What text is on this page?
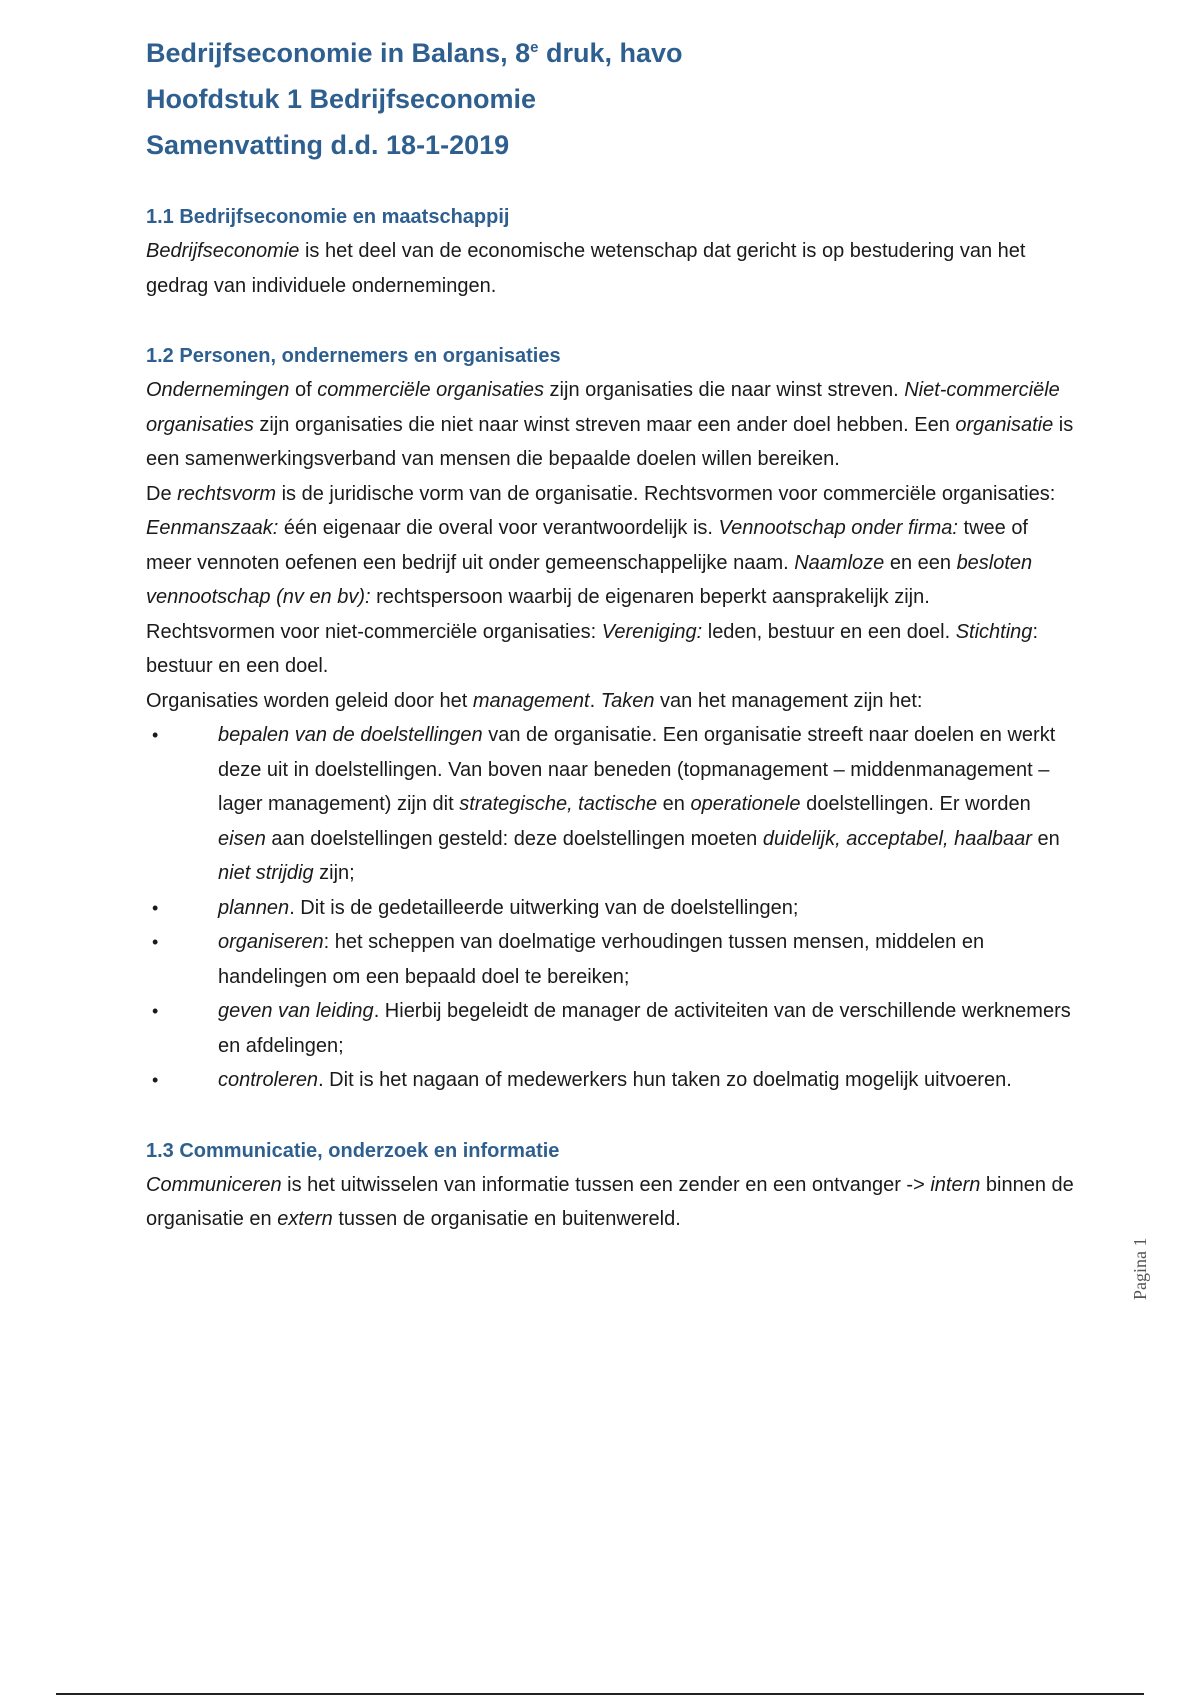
Bedrijfseconomie in Balans, 8e druk, havo
Hoofdstuk 1 Bedrijfseconomie
Samenvatting d.d. 18-1-2019
1.1 Bedrijfseconomie en maatschappij

Bedrijfseconomie is het deel van de economische wetenschap dat gericht is op bestudering van het gedrag van individuele ondernemingen.

1.2 Personen, ondernemers en organisaties

Ondernemingen of commerciële organisaties zijn organisaties die naar winst streven. Niet-commerciële organisaties zijn organisaties die niet naar winst streven maar een ander doel hebben. Een organisatie is een samenwerkingsverband van mensen die bepaalde doelen willen bereiken.

De rechtsvorm is de juridische vorm van de organisatie. Rechtsvormen voor commerciële organisaties: Eenmanszaak: één eigenaar die overal voor verantwoordelijk is. Vennootschap onder firma: twee of meer vennoten oefenen een bedrijf uit onder gemeenschappelijke naam. Naamloze en een besloten vennootschap (nv en bv): rechtspersoon waarbij de eigenaren beperkt aansprakelijk zijn.

Rechtsvormen voor niet-commerciële organisaties: Vereniging: leden, bestuur en een doel. Stichting: bestuur en een doel.

Organisaties worden geleid door het management. Taken van het management zijn het:

•	bepalen van de doelstellingen van de organisatie. Een organisatie streeft naar doelen en werkt deze uit in doelstellingen. Van boven naar beneden (topmanagement – middenmanagement – lager management) zijn dit strategische, tactische en operationele doelstellingen. Er worden eisen aan doelstellingen gesteld: deze doelstellingen moeten duidelijk, acceptabel, haalbaar en niet strijdig zijn;
•	plannen. Dit is de gedetailleerde uitwerking van de doelstellingen;
•	organiseren: het scheppen van doelmatige verhoudingen tussen mensen, middelen en handelingen om een bepaald doel te bereiken;
•	geven van leiding. Hierbij begeleidt de manager de activiteiten van de verschillende werknemers en afdelingen;
•	controleren. Dit is het nagaan of medewerkers hun taken zo doelmatig mogelijk uitvoeren.
1.3 Communicatie, onderzoek en informatie

Communiceren is het uitwisselen van informatie tussen een zender en een ontvanger -> intern binnen de organisatie en extern tussen de organisatie en buitenwereld.

Pagina 1
